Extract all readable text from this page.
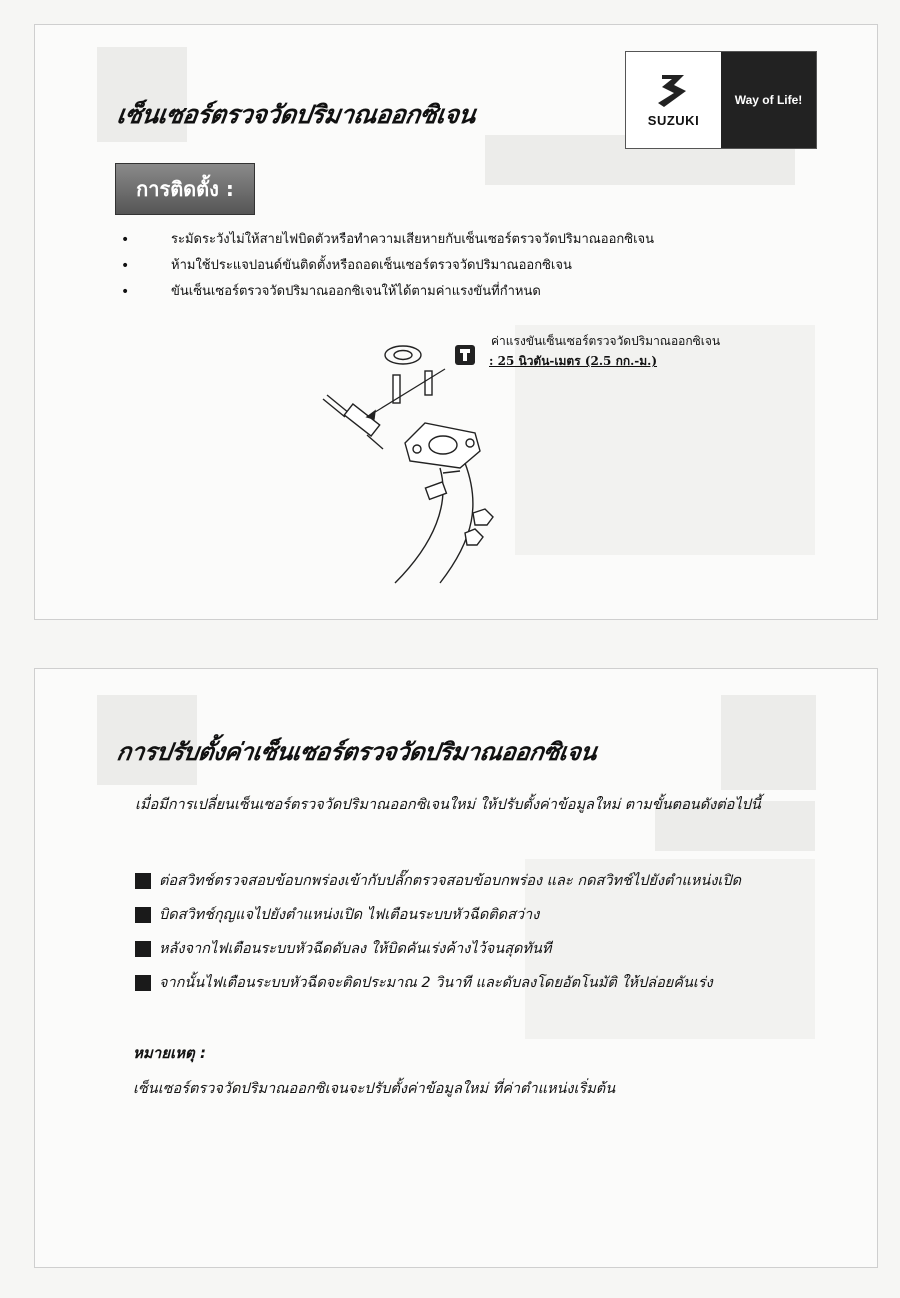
เซ็นเซอร์ตรวจวัดปริมาณออกซิเจน	SUZUKI
Way of Life!
การติดตั้ง :
• ระมัดระวังไม่ให้สายไฟบิดตัวหรือทำความเสียหายกับเซ็นเซอร์ตรวจวัดปริมาณออกซิเจน
• ห้ามใช้ประแจปอนด์ขันติดตั้งหรือถอดเซ็นเซอร์ตรวจวัดปริมาณออกซิเจน
• ขันเซ็นเซอร์ตรวจวัดปริมาณออกซิเจนให้ได้ตามค่าแรงขันที่กำหนด
ค่าแรงขันเซ็นเซอร์ตรวจวัดปริมาณออกซิเจน
: 25 นิวตัน-เมตร (2.5 กก.-ม.)
การปรับตั้งค่าเซ็นเซอร์ตรวจวัดปริมาณออกซิเจน
เมื่อมีการเปลี่ยนเซ็นเซอร์ตรวจวัดปริมาณออกซิเจนใหม่ ให้ปรับตั้งค่าข้อมูลใหม่ ตามขั้นตอนดังต่อไปนี้
ต่อสวิทช์ตรวจสอบข้อบกพร่องเข้ากับปลั๊กตรวจสอบข้อบกพร่อง และ กดสวิทช์ไปยังตำแหน่งเปิด
บิดสวิทช์กุญแจไปยังตำแหน่งเปิด ไฟเตือนระบบหัวฉีดติดสว่าง
หลังจากไฟเตือนระบบหัวฉีดดับลง ให้บิดคันเร่งค้างไว้จนสุดทันที
จากนั้นไฟเตือนระบบหัวฉีดจะติดประมาณ 2 วินาที และดับลงโดยอัตโนมัติ ให้ปล่อยคันเร่ง
หมายเหตุ :
เซ็นเซอร์ตรวจวัดปริมาณออกซิเจนจะปรับตั้งค่าข้อมูลใหม่ ที่ค่าตำแหน่งเริ่มต้น
